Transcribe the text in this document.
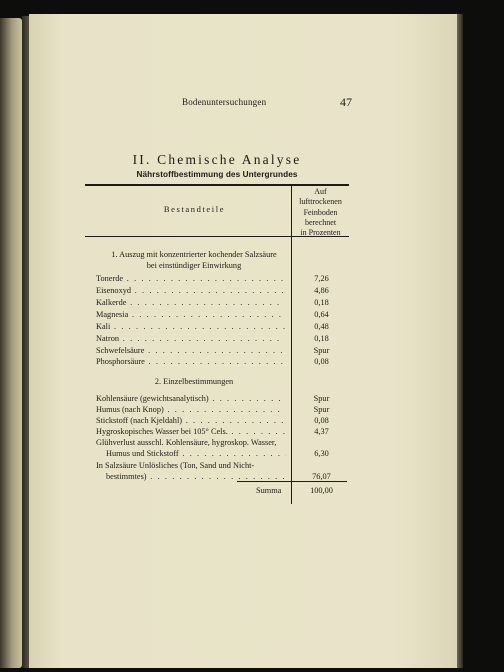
Bodenuntersuchungen	47
II. Chemische Analyse
Nährstoffbestimmung des Untergrundes
Bestandteile
Auf
lufttrockenen
Feinboden
berechnet
in Prozenten
1. Auszug mit konzentrierter kochender Salzsäure
bei einstündiger Einwirkung
Tonerde . . .	7,26
Eisenoxyd . . .	4,86
Kalkerde . . .	0,18
Magnesia . . .	0,64
Kali . . .	0,48
Natron . . .	0,18
Schwefelsäure . . .	Spur
Phosphorsäure . . .	0,08
2. Einzelbestimmungen
Kohlensäure (gewichtsanalytisch) . . .	Spur
Humus (nach Knop) . . .	Spur
Stickstoff (nach Kjeldahl) . . .	0,08
Hygroskopisches Wasser bei 105° Cels. . . .	4,37
Glühverlust ausschl. Kohlensäure, hygroskop. Wasser,
Humus und Stickstoff . . .	6,30
In Salzsäure Unlösliches (Ton, Sand und Nicht-
bestimmtes) . . .	76,07
Summa	100,00
